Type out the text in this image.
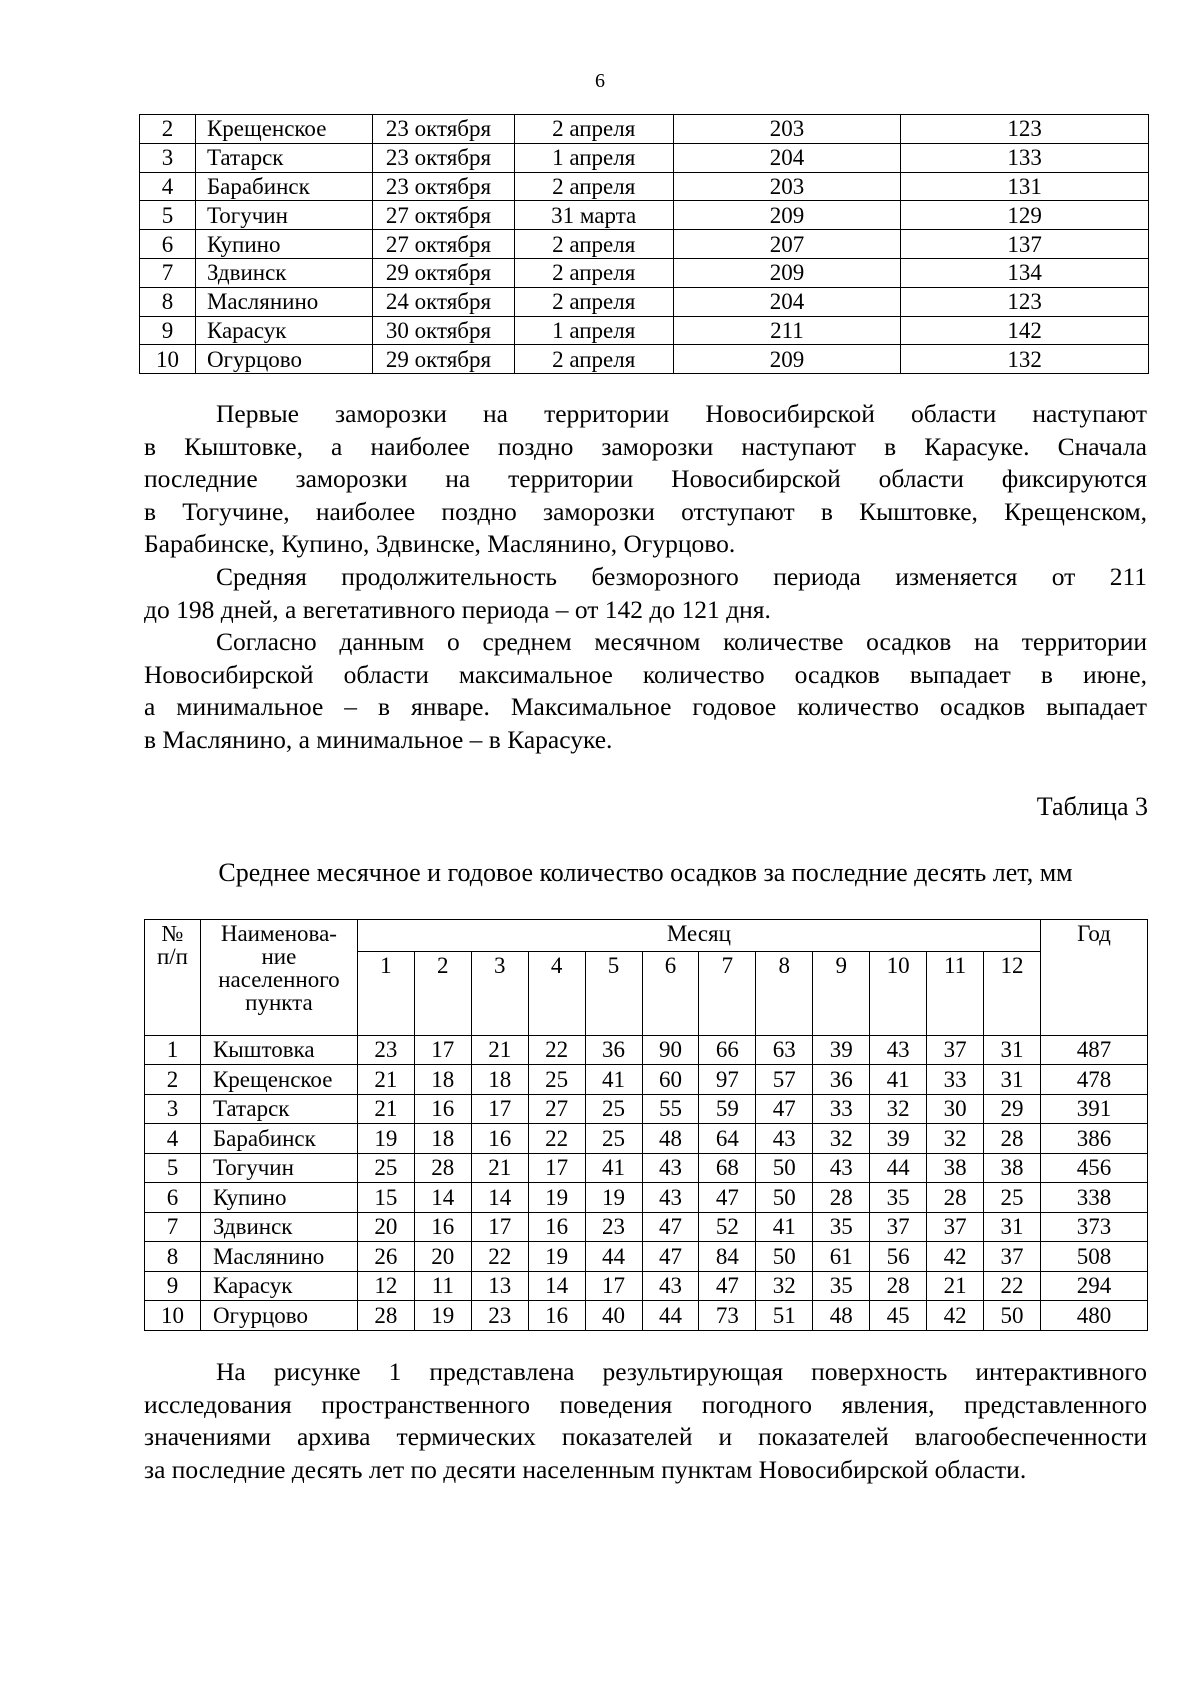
6
2	Крещенское	23 октября	2 апреля	203	123
3	Татарск	23 октября	1 апреля	204	133
4	Барабинск	23 октября	2 апреля	203	131
5	Тогучин	27 октября	31 марта	209	129
6	Купино	27 октября	2 апреля	207	137
7	Здвинск	29 октября	2 апреля	209	134
8	Маслянино	24 октября	2 апреля	204	123
9	Карасук	30 октября	1 апреля	211	142
10	Огурцово	29 октября	2 апреля	209	132
Первые заморозки на территории Новосибирской области наступают
в Кыштовке, а наиболее поздно заморозки наступают в Карасуке. Сначала
последние заморозки на территории Новосибирской области фиксируются
в Тогучине, наиболее поздно заморозки отступают в Кыштовке, Крещенском,
Барабинске, Купино, Здвинске, Маслянино, Огурцово.
Средняя продолжительность безморозного периода изменяется от 211
до 198 дней, а вегетативного периода – от 142 до 121 дня.
Согласно данным о среднем месячном количестве осадков на территории
Новосибирской области максимальное количество осадков выпадает в июне,
а минимальное – в январе. Максимальное годовое количество осадков выпадает
в Маслянино, а минимальное – в Карасуке.
Таблица 3
Среднее месячное и годовое количество осадков за последние десять лет, мм
№
п/п	Наименова-
ние
населенного
пункта	Месяц												Год
		1	2	3	4	5	6	7	8	9	10	11	12	
1	Кыштовка	23	17	21	22	36	90	66	63	39	43	37	31	487
2	Крещенское	21	18	18	25	41	60	97	57	36	41	33	31	478
3	Татарск	21	16	17	27	25	55	59	47	33	32	30	29	391
4	Барабинск	19	18	16	22	25	48	64	43	32	39	32	28	386
5	Тогучин	25	28	21	17	41	43	68	50	43	44	38	38	456
6	Купино	15	14	14	19	19	43	47	50	28	35	28	25	338
7	Здвинск	20	16	17	16	23	47	52	41	35	37	37	31	373
8	Маслянино	26	20	22	19	44	47	84	50	61	56	42	37	508
9	Карасук	12	11	13	14	17	43	47	32	35	28	21	22	294
10	Огурцово	28	19	23	16	40	44	73	51	48	45	42	50	480
На рисунке 1 представлена результирующая поверхность интерактивного
исследования пространственного поведения погодного явления, представленного
значениями архива термических показателей и показателей влагообеспеченности
за последние десять лет по десяти населенным пунктам Новосибирской области.
